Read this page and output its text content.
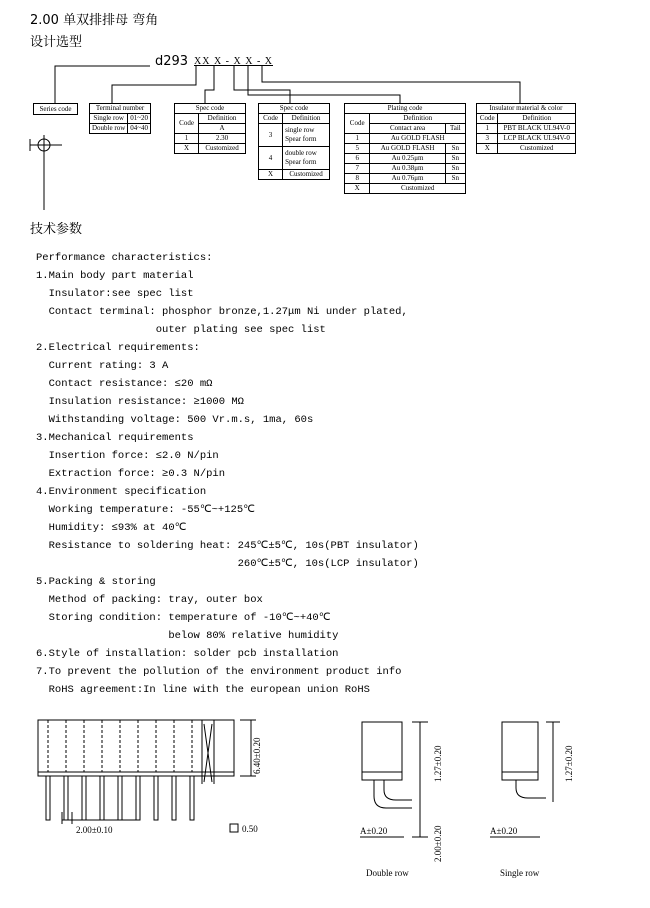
2.00 单双排排母 弯角
设计选型
d293 XX X - X X - X
Series code	Terminal number	
Single row	01~20
Double row	04~40
Spec code	
Code	Definition
	A
1	2.30
X	Customized
Spec code	
Code	Definition
3	single row
Spear form
4	double row
Spear form
X	Customized
Plating code		
Code	Definition	
	Contact area	Tail
1	Au GOLD FLASH	
5	Au GOLD FLASH	Sn
6	Au 0.25μm	Sn
7	Au 0.38μm	Sn
8	Au 0.76μm	Sn
X	Customized	
Insulator material & color	
Code	Definition
1	PBT BLACK UL94V-0
3	LCP BLACK UL94V-0
X	Customized
技术参数
Performance characteristics:
1.Main body part material
Insulator:see spec list
Contact terminal: phosphor bronze,1.27μm Ni under plated,
outer plating see spec list
2.Electrical requirements:
Current rating: 3 A
Contact resistance: ≤20 mΩ
Insulation resistance: ≥1000 MΩ
Withstanding voltage: 500 Vr.m.s, 1ma, 60s
3.Mechanical requirements
Insertion force: ≤2.0 N/pin
Extraction force: ≥0.3 N/pin
4.Environment specification
Working temperature: -55℃~+125℃
Humidity: ≤93% at 40℃
Resistance to soldering heat: 245℃±5℃, 10s(PBT insulator)
260℃±5℃, 10s(LCP insulator)
5.Packing & storing
Method of packing: tray, outer box
Storing condition: temperature of -10℃~+40℃
below 80% relative humidity
6.Style of installation: solder pcb installation
7.To prevent the pollution of the environment product info
RoHS agreement:In line with the european union RoHS
2.00±0.10
6.40±0.20
0.50	A±0.20	A±0.20
1.27±0.20
2.00±0.20
1.27±0.20
Double row	Single row
